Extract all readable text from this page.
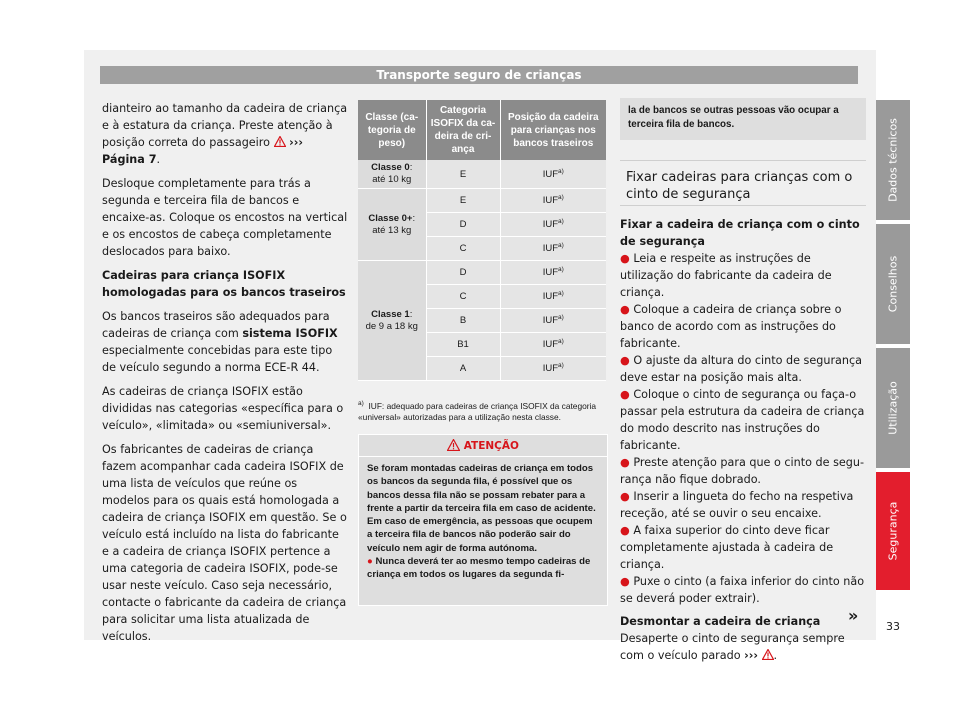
Transporte seguro de crianças

dianteiro ao tamanho da cadeira de criança e à estatura da criança. Preste atenção à posição correta do passageiro ››› Página 7.

Desloque completamente para trás a segunda e terceira fila de bancos e encaixe-as. Coloque os encostos na vertical e os encostos de cabeça completamente deslocados para baixo.

Cadeiras para criança ISOFIX homologadas para os bancos traseiros

Os bancos traseiros são adequados para cadeiras de criança com sistema ISOFIX especialmente concebidas para este tipo de veículo segundo a norma ECE-R 44.

As cadeiras de criança ISOFIX estão divididas nas categorias «específica para o veículo», «limitada» ou «semiuniversal».

Os fabricantes de cadeiras de criança fazem acompanhar cada cadeira ISOFIX de uma lista de veículos que reúne os modelos para os quais está homologada a cadeira de criança ISOFIX em questão. Se o veículo está incluído na lista do fabricante e a cadeira de criança ISOFIX pertence a uma categoria de cadeira ISOFIX, pode-se usar neste veículo. Caso seja necessário, contacte o fabricante da cadeira de criança para solicitar uma lista atualizada de veículos.

Classe (categoria de peso)	Categoria ISOFIX da cadeira de criança	Posição da cadeira para crianças nos bancos traseiros
Classe 0:
até 10 kg	E	IUF$^{a)}$
Classe 0+:
até 13 kg	E	IUF$^{a)}$
	D	IUF$^{a)}$
	C	IUF$^{a)}$
Classe 1:
de 9 a 18 kg	D	IUF$^{a)}$
	C	IUF$^{a)}$
	B	IUF$^{a)}$
	B1	IUF$^{a)}$
	A	IUF$^{a)}$
$^{a)}$ IUF: adequado para cadeiras de criança ISOFIX da categoria «universal» autorizadas para a utilização nesta classe.
ATENÇÃO
Se foram montadas cadeiras de criança em todos os bancos da segunda fila, é possível que os bancos dessa fila não se possam rebater para a frente a partir da terceira fila em caso de acidente. Em caso de emergência, as pessoas que ocupem a terceira fila de bancos não poderão sair do veículo nem agir de forma autónoma.
● Nunca deverá ter ao mesmo tempo cadeiras de criança em todos os lugares da segunda fi-
la de bancos se outras pessoas vão ocupar a terceira fila de bancos.
Fixar cadeiras para crianças com o cinto de segurança

Fixar a cadeira de criança com o cinto de segurança

● Leia e respeite as instruções de utilização do fabricante da cadeira de criança.

● Coloque a cadeira de criança sobre o banco de acordo com as instruções do fabricante.

● O ajuste da altura do cinto de segurança deve estar na posição mais alta.

● Coloque o cinto de segurança ou faça-o passar pela estrutura da cadeira de criança do modo descrito nas instruções do fabricante.

● Preste atenção para que o cinto de segurança não fique dobrado.

● Inserir a lingueta do fecho na respetiva receção, até se ouvir o seu encaixe.

● A faixa superior do cinto deve ficar completamente ajustada à cadeira de criança.

● Puxe o cinto (a faixa inferior do cinto não se deverá poder extrair).

Desmontar a cadeira de criança

Desaperte o cinto de segurança sempre com o veículo parado ››› .

»
Dados técnicos
Conselhos
Utilização
Segurança
33
